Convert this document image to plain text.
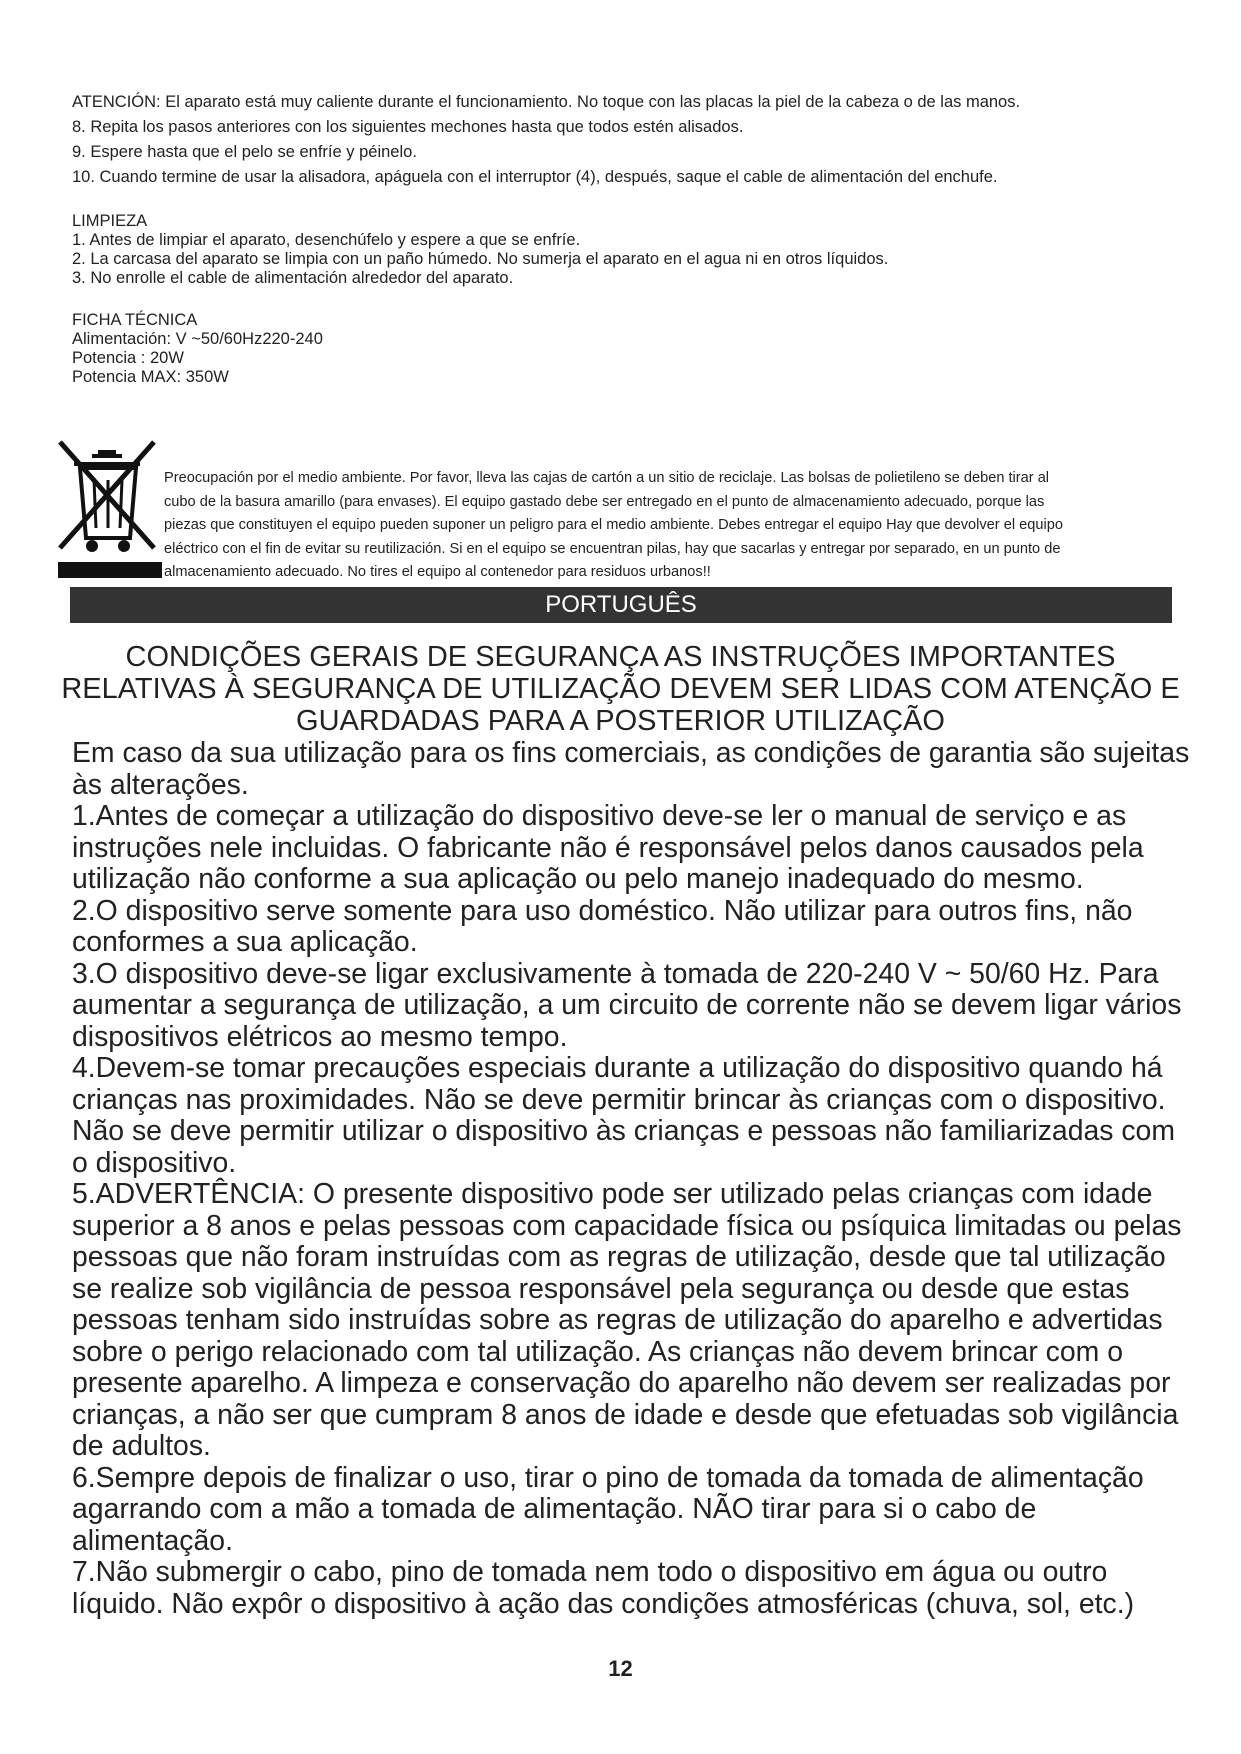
ATENCIÓN: El aparato está muy caliente durante el funcionamiento. No toque con las placas la piel de la cabeza o de las manos.

8. Repita los pasos anteriores con los siguientes mechones hasta que todos estén alisados.

9. Espere hasta que el pelo se enfríe y péinelo.

10. Cuando termine de usar la alisadora, apáguela con el interruptor (4), después, saque el cable de alimentación del enchufe.

LIMPIEZA

1. Antes de limpiar el aparato, desenchúfelo y espere a que se enfríe.

2. La carcasa del aparato se limpia con un paño húmedo. No sumerja el aparato en el agua ni en otros líquidos.

3. No enrolle el cable de alimentación alrededor del aparato.

FICHA TÉCNICA

Alimentación: V ~50/60Hz220-240

Potencia : 20W

Potencia MAX: 350W

Preocupación por el medio ambiente. Por favor, lleva las cajas de cartón a un sitio de reciclaje. Las bolsas de polietileno se deben tirar al

cubo de la basura amarillo (para envases). El equipo gastado debe ser entregado en el punto de almacenamiento adecuado, porque las

piezas que constituyen el equipo pueden suponer un peligro para el medio ambiente. Debes entregar el equipo Hay que devolver el equipo

eléctrico con el fin de evitar su reutilización. Si en el equipo se encuentran pilas, hay que sacarlas y entregar por separado, en un punto de

almacenamiento adecuado. No tires el equipo al contenedor para residuos urbanos!!

PORTUGUÊS
CONDIÇÕES GERAIS DE SEGURANÇA AS INSTRUÇÕES IMPORTANTES
RELATIVAS À SEGURANÇA DE UTILIZAÇÃO DEVEM SER LIDAS COM ATENÇÃO E
GUARDADAS PARA A POSTERIOR UTILIZAÇÃO

Em caso da sua utilização para os fins comerciais, as condições de garantia são sujeitas

às alterações.

1.Antes de começar a utilização do dispositivo deve-se ler o manual de serviço e as

instruções nele incluidas. O fabricante não é responsável pelos danos causados pela

utilização não conforme a sua aplicação ou pelo manejo inadequado do mesmo.

2.O dispositivo serve somente para uso doméstico. Não utilizar para outros fins, não

conformes a sua aplicação.

3.O dispositivo deve-se ligar exclusivamente à tomada de 220-240 V ~ 50/60 Hz. Para

aumentar a segurança de utilização, a um circuito de corrente não se devem ligar vários

dispositivos elétricos ao mesmo tempo.

4.Devem-se tomar precauções especiais durante a utilização do dispositivo quando há

crianças nas proximidades. Não se deve permitir brincar às crianças com o dispositivo.

Não se deve permitir utilizar o dispositivo às crianças e pessoas não familiarizadas com

o dispositivo.

5.ADVERTÊNCIA: O presente dispositivo pode ser utilizado pelas crianças com idade

superior a 8 anos e pelas pessoas com capacidade física ou psíquica limitadas ou pelas

pessoas que não foram instruídas com as regras de utilização, desde que tal utilização

se realize sob vigilância de pessoa responsável pela segurança ou desde que estas

pessoas tenham sido instruídas sobre as regras de utilização do aparelho e advertidas

sobre o perigo relacionado com tal utilização. As crianças não devem brincar com o

presente aparelho. A limpeza e conservação do aparelho não devem ser realizadas por

crianças, a não ser que cumpram 8 anos de idade e desde que efetuadas sob vigilância

de adultos.

6.Sempre depois de finalizar o uso, tirar o pino de tomada da tomada de alimentação

agarrando com a mão a tomada de alimentação. NÃO tirar para si o cabo de

alimentação.

7.Não submergir o cabo, pino de tomada nem todo o dispositivo em água ou outro

líquido. Não expôr o dispositivo à ação das condições atmosféricas (chuva, sol, etc.)

12
